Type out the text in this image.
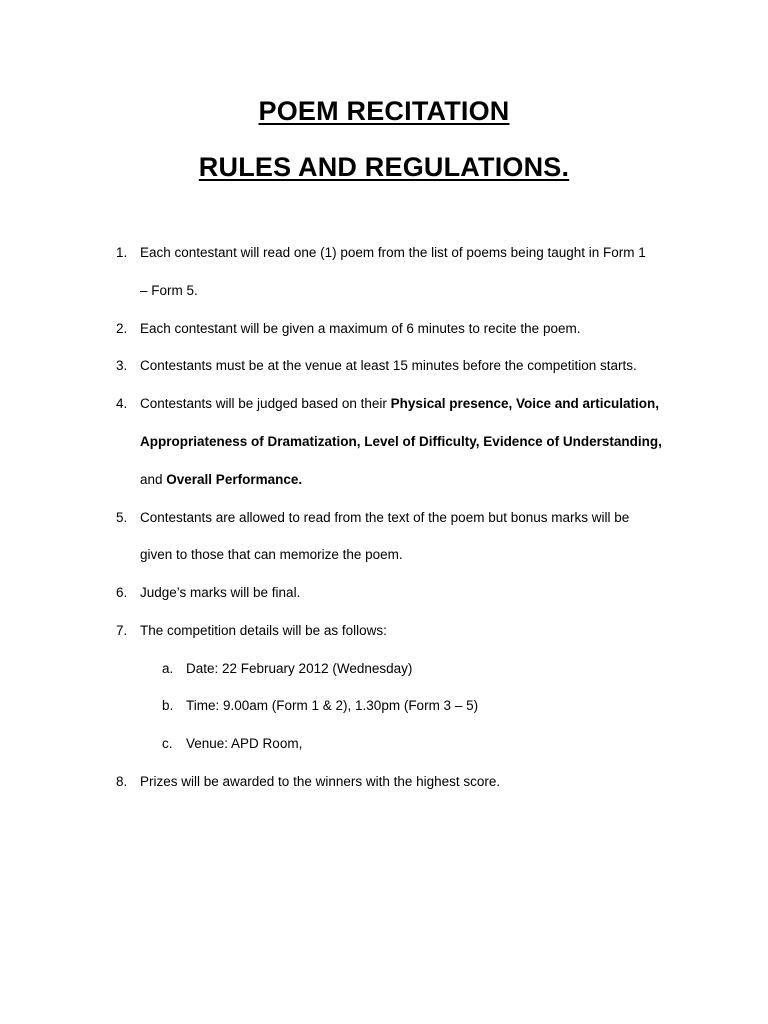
POEM RECITATION
RULES AND REGULATIONS.
1. Each contestant will read one (1) poem from the list of poems being taught in Form 1
– Form 5.
2. Each contestant will be given a maximum of 6 minutes to recite the poem.
3. Contestants must be at the venue at least 15 minutes before the competition starts.
4. Contestants will be judged based on their Physical presence, Voice and articulation,
Appropriateness of Dramatization, Level of Difficulty, Evidence of Understanding,
and Overall Performance.
5. Contestants are allowed to read from the text of the poem but bonus marks will be
given to those that can memorize the poem.
6. Judge’s marks will be final.
7. The competition details will be as follows:
a. Date: 22 February 2012 (Wednesday)
b. Time: 9.00am (Form 1 & 2), 1.30pm (Form 3 – 5)
c. Venue: APD Room,
8. Prizes will be awarded to the winners with the highest score.
